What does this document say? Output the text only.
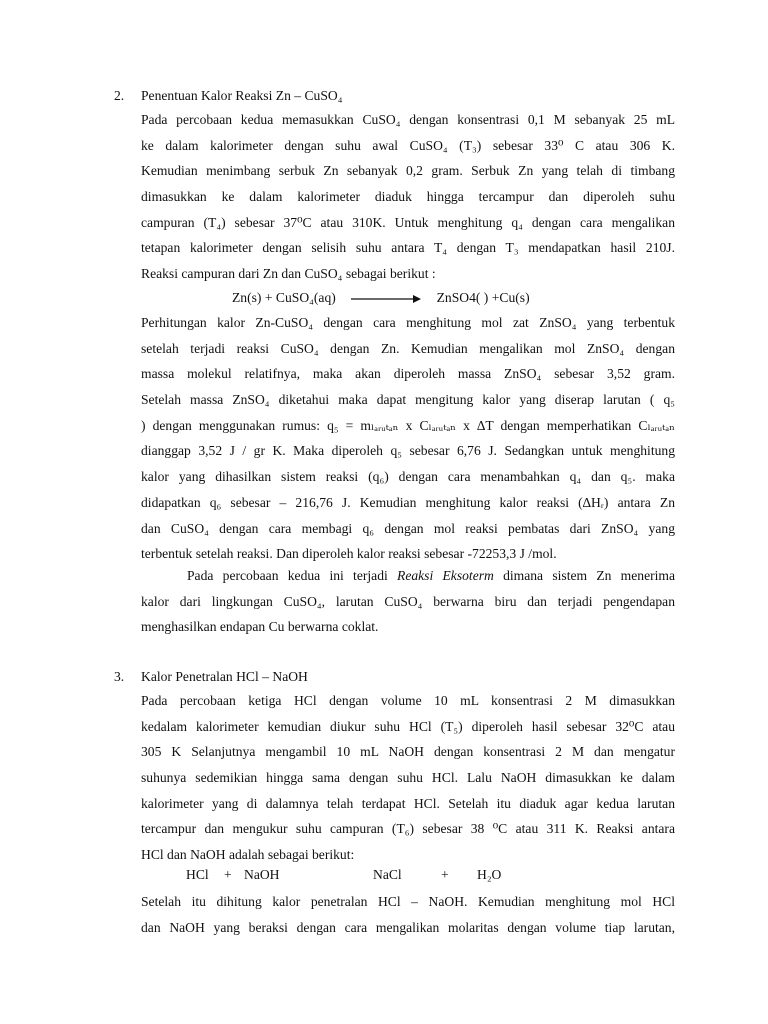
2. Penentuan Kalor Reaksi Zn – CuSO₄
Pada percobaan kedua memasukkan CuSO₄ dengan konsentrasi 0,1 M sebanyak 25 mL
ke dalam kalorimeter dengan suhu awal CuSO₄ (T₃) sebesar 33⁰ C atau 306 K.
Kemudian menimbang serbuk Zn sebanyak 0,2 gram. Serbuk Zn yang telah di timbang
dimasukkan ke dalam kalorimeter diaduk hingga tercampur dan diperoleh suhu
campuran (T₄) sebesar 37⁰C atau 310K. Untuk menghitung q₄ dengan cara mengalikan
tetapan kalorimeter dengan selisih suhu antara T₄ dengan T₃ mendapatkan hasil 210J.
Reaksi campuran dari Zn dan CuSO₄ sebagai berikut :
Zn(s) + CuSO₄(aq)	ZnSO4( ) +Cu(s)
Perhitungan kalor Zn-CuSO₄ dengan cara menghitung mol zat ZnSO₄ yang terbentuk
setelah terjadi reaksi CuSO₄ dengan Zn. Kemudian mengalikan mol ZnSO₄ dengan
massa molekul relatifnya, maka akan diperoleh massa ZnSO₄ sebesar 3,52 gram.
Setelah massa ZnSO₄ diketahui maka dapat mengitung kalor yang diserap larutan ( q₅
) dengan menggunakan rumus: q₅ = mₗₐᵣᵤₜₐₙ x Cₗₐᵣᵤₜₐₙ x ∆T dengan memperhatikan Cₗₐᵣᵤₜₐₙ
dianggap 3,52 J / gr K. Maka diperoleh q₅ sebesar 6,76 J. Sedangkan untuk menghitung
kalor yang dihasilkan sistem reaksi (q₆) dengan cara menambahkan q₄ dan q₅. maka
didapatkan q₆ sebesar – 216,76 J. Kemudian menghitung kalor reaksi (∆Hᵣ) antara Zn
dan CuSO₄ dengan cara membagi q₆ dengan mol reaksi pembatas dari ZnSO₄ yang
terbentuk setelah reaksi. Dan diperoleh kalor reaksi sebesar -72253,3 J /mol.
Pada percobaan kedua ini terjadi Reaksi Eksoterm dimana sistem Zn menerima
kalor dari lingkungan CuSO₄, larutan CuSO₄ berwarna biru dan terjadi pengendapan
menghasilkan endapan Cu berwarna coklat.
3. Kalor Penetralan HCl – NaOH
Pada percobaan ketiga HCl dengan volume 10 mL konsentrasi 2 M dimasukkan
kedalam kalorimeter kemudian diukur suhu HCl (T₅) diperoleh hasil sebesar 32⁰C atau
305 K Selanjutnya mengambil 10 mL NaOH dengan konsentrasi 2 M dan mengatur
suhunya sedemikian hingga sama dengan suhu HCl. Lalu NaOH dimasukkan ke dalam
kalorimeter yang di dalamnya telah terdapat HCl. Setelah itu diaduk agar kedua larutan
tercampur dan mengukur suhu campuran (T₆) sebesar 38 ⁰C atau 311 K. Reaksi antara
HCl dan NaOH adalah sebagai berikut:
HCl + NaOH	NaCl	+ H₂O
Setelah itu dihitung kalor penetralan HCl – NaOH. Kemudian menghitung mol HCl
dan NaOH yang beraksi dengan cara mengalikan molaritas dengan volume tiap larutan,
